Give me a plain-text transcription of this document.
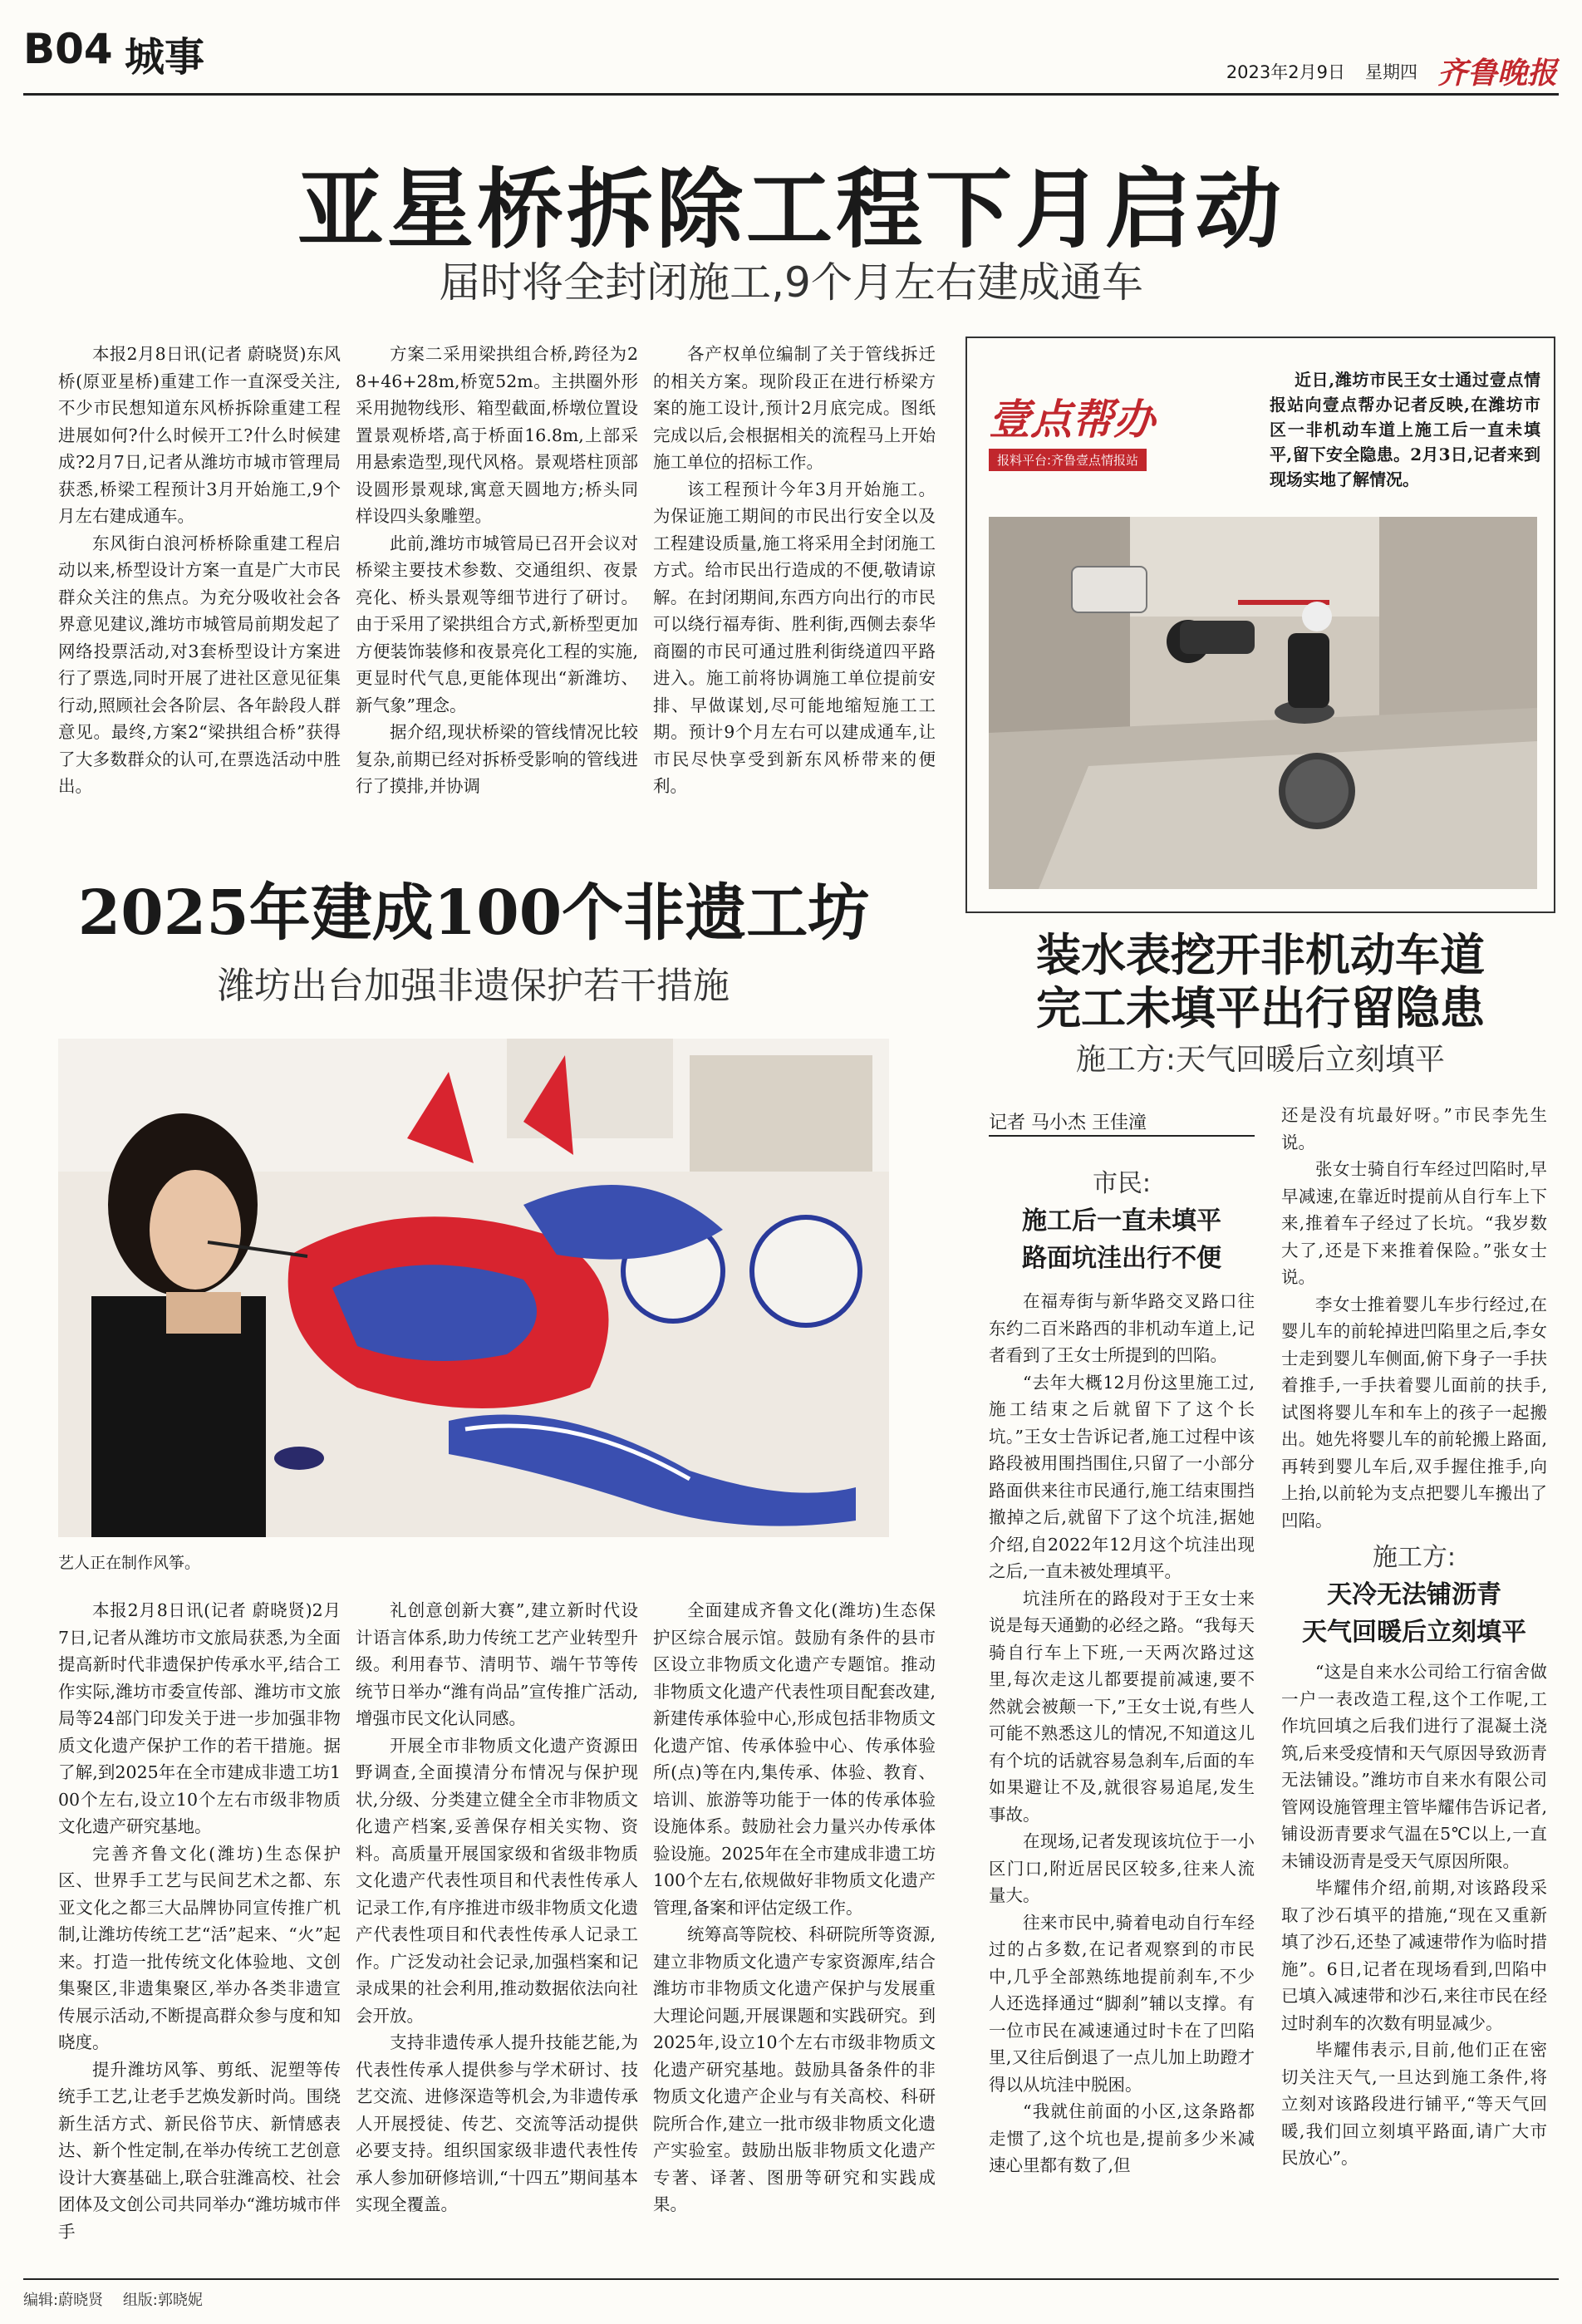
B04 城事	2023年2月9日 星期四 齐鲁晚报
亚星桥拆除工程下月启动
届时将全封闭施工,9个月左右建成通车

本报2月8日讯(记者 蔚晓贤)东风桥(原亚星桥)重建工作一直深受关注,不少市民想知道东风桥拆除重建工程进展如何?什么时候开工?什么时候建成?2月7日,记者从潍坊市城市管理局获悉,桥梁工程预计3月开始施工,9个月左右建成通车。

东风街白浪河桥桥除重建工程启动以来,桥型设计方案一直是广大市民群众关注的焦点。为充分吸收社会各界意见建议,潍坊市城管局前期发起了网络投票活动,对3套桥型设计方案进行了票选,同时开展了进社区意见征集行动,照顾社会各阶层、各年龄段人群意见。最终,方案2“梁拱组合桥”获得了大多数群众的认可,在票选活动中胜出。

方案二采用梁拱组合桥,跨径为28+46+28m,桥宽52m。主拱圈外形采用抛物线形、箱型截面,桥墩位置设置景观桥塔,高于桥面16.8m,上部采用悬索造型,现代风格。景观塔柱顶部设圆形景观球,寓意天圆地方;桥头同样设四头象雕塑。

此前,潍坊市城管局已召开会议对桥梁主要技术参数、交通组织、夜景亮化、桥头景观等细节进行了研讨。由于采用了梁拱组合方式,新桥型更加方便装饰装修和夜景亮化工程的实施,更显时代气息,更能体现出“新潍坊、新气象”理念。

据介绍,现状桥梁的管线情况比较复杂,前期已经对拆桥受影响的管线进行了摸排,并协调

各产权单位编制了关于管线拆迁的相关方案。现阶段正在进行桥梁方案的施工设计,预计2月底完成。图纸完成以后,会根据相关的流程马上开始施工单位的招标工作。

该工程预计今年3月开始施工。为保证施工期间的市民出行安全以及工程建设质量,施工将采用全封闭施工方式。给市民出行造成的不便,敬请谅解。在封闭期间,东西方向出行的市民可以绕行福寿街、胜利街,西侧去泰华商圈的市民可通过胜利街绕道四平路进入。施工前将协调施工单位提前安排、早做谋划,尽可能地缩短施工工期。预计9个月左右可以建成通车,让市民尽快享受到新东风桥带来的便利。

2025年建成100个非遗工坊
潍坊出台加强非遗保护若干措施
艺人正在制作风筝。

本报2月8日讯(记者 蔚晓贤)2月7日,记者从潍坊市文旅局获悉,为全面提高新时代非遗保护传承水平,结合工作实际,潍坊市委宣传部、潍坊市文旅局等24部门印发关于进一步加强非物质文化遗产保护工作的若干措施。据了解,到2025年在全市建成非遗工坊100个左右,设立10个左右市级非物质文化遗产研究基地。

完善齐鲁文化(潍坊)生态保护区、世界手工艺与民间艺术之都、东亚文化之都三大品牌协同宣传推广机制,让潍坊传统工艺“活”起来、“火”起来。打造一批传统文化体验地、文创集聚区,非遗集聚区,举办各类非遗宣传展示活动,不断提高群众参与度和知晓度。

提升潍坊风筝、剪纸、泥塑等传统手工艺,让老手艺焕发新时尚。围绕新生活方式、新民俗节庆、新情感表达、新个性定制,在举办传统工艺创意设计大赛基础上,联合驻潍高校、社会团体及文创公司共同举办“潍坊城市伴手

礼创意创新大赛”,建立新时代设计语言体系,助力传统工艺产业转型升级。利用春节、清明节、端午节等传统节日举办“潍有尚品”宣传推广活动,增强市民文化认同感。

开展全市非物质文化遗产资源田野调查,全面摸清分布情况与保护现状,分级、分类建立健全全市非物质文化遗产档案,妥善保存相关实物、资料。高质量开展国家级和省级非物质文化遗产代表性项目和代表性传承人记录工作,有序推进市级非物质文化遗产代表性项目和代表性传承人记录工作。广泛发动社会记录,加强档案和记录成果的社会利用,推动数据依法向社会开放。

支持非遗传承人提升技能艺能,为代表性传承人提供参与学术研讨、技艺交流、进修深造等机会,为非遗传承人开展授徒、传艺、交流等活动提供必要支持。组织国家级非遗代表性传承人参加研修培训,“十四五”期间基本实现全覆盖。

全面建成齐鲁文化(潍坊)生态保护区综合展示馆。鼓励有条件的县市区设立非物质文化遗产专题馆。推动非物质文化遗产代表性项目配套改建,新建传承体验中心,形成包括非物质文化遗产馆、传承体验中心、传承体验所(点)等在内,集传承、体验、教育、培训、旅游等功能于一体的传承体验设施体系。鼓励社会力量兴办传承体验设施。2025年在全市建成非遗工坊100个左右,依规做好非物质文化遗产管理,备案和评估定级工作。

统筹高等院校、科研院所等资源,建立非物质文化遗产专家资源库,结合潍坊市非物质文化遗产保护与发展重大理论问题,开展课题和实践研究。到2025年,设立10个左右市级非物质文化遗产研究基地。鼓励具备条件的非物质文化遗产企业与有关高校、科研院所合作,建立一批市级非物质文化遗产实验室。鼓励出版非物质文化遗产专著、译著、图册等研究和实践成果。

壹点帮办
报料平台:齐鲁壹点情报站
近日,潍坊市民王女士通过壹点情报站向壹点帮办记者反映,在潍坊市区一非机动车道上施工后一直未填平,留下安全隐患。2月3日,记者来到现场实地了解情况。
装水表挖开非机动车道
完工未填平出行留隐患
施工方:天气回暖后立刻填平
记者 马小杰 王佳潼
市民:
施工后一直未填平
路面坑洼出行不便

在福寿街与新华路交叉路口往东约二百米路西的非机动车道上,记者看到了王女士所提到的凹陷。

“去年大概12月份这里施工过,施工结束之后就留下了这个长坑。”王女士告诉记者,施工过程中该路段被用围挡围住,只留了一小部分路面供来往市民通行,施工结束围挡撤掉之后,就留下了这个坑洼,据她介绍,自2022年12月这个坑洼出现之后,一直未被处理填平。

坑洼所在的路段对于王女士来说是每天通勤的必经之路。“我每天骑自行车上下班,一天两次路过这里,每次走这儿都要提前减速,要不然就会被颠一下,”王女士说,有些人可能不熟悉这儿的情况,不知道这儿有个坑的话就容易急刹车,后面的车如果避让不及,就很容易追尾,发生事故。

在现场,记者发现该坑位于一小区门口,附近居民区较多,往来人流量大。

往来市民中,骑着电动自行车经过的占多数,在记者观察到的市民中,几乎全部熟练地提前刹车,不少人还选择通过“脚刹”辅以支撑。有一位市民在减速通过时卡在了凹陷里,又往后倒退了一点儿加上助蹬才得以从坑洼中脱困。

“我就住前面的小区,这条路都走惯了,这个坑也是,提前多少米减速心里都有数了,但

还是没有坑最好呀。”市民李先生说。

张女士骑自行车经过凹陷时,早早减速,在靠近时提前从自行车上下来,推着车子经过了长坑。“我岁数大了,还是下来推着保险。”张女士说。

李女士推着婴儿车步行经过,在婴儿车的前轮掉进凹陷里之后,李女士走到婴儿车侧面,俯下身子一手扶着推手,一手扶着婴儿面前的扶手,试图将婴儿车和车上的孩子一起搬出。她先将婴儿车的前轮搬上路面,再转到婴儿车后,双手握住推手,向上抬,以前轮为支点把婴儿车搬出了凹陷。

施工方:
天冷无法铺沥青
天气回暖后立刻填平

“这是自来水公司给工行宿舍做一户一表改造工程,这个工作呢,工作坑回填之后我们进行了混凝土浇筑,后来受疫情和天气原因导致沥青无法铺设。”潍坊市自来水有限公司管网设施管理主管毕耀伟告诉记者,铺设沥青要求气温在5℃以上,一直未铺设沥青是受天气原因所限。

毕耀伟介绍,前期,对该路段采取了沙石填平的措施,“现在又重新填了沙石,还垫了减速带作为临时措施”。6日,记者在现场看到,凹陷中已填入减速带和沙石,来往市民在经过时刹车的次数有明显减少。

毕耀伟表示,目前,他们正在密切关注天气,一旦达到施工条件,将立刻对该路段进行铺平,“等天气回暖,我们回立刻填平路面,请广大市民放心”。

编辑:蔚晓贤 组版:郭晓妮
